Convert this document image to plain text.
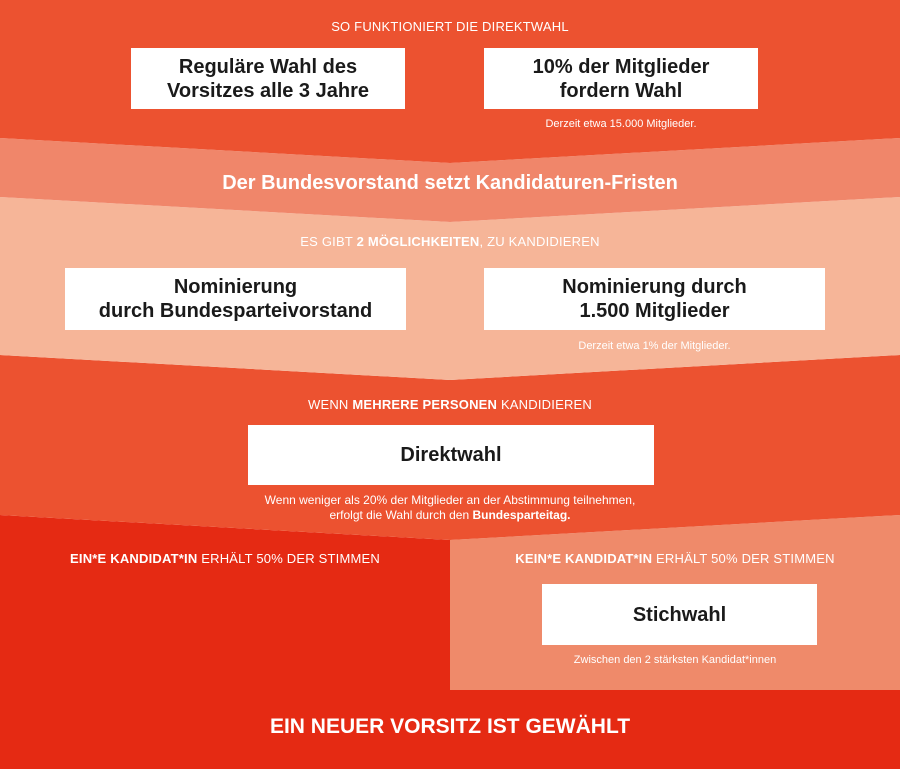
SO FUNKTIONIERT DIE DIREKTWAHL
Reguläre Wahl des
Vorsitzes alle 3 Jahre
10% der Mitglieder
fordern Wahl
Derzeit etwa 15.000 Mitglieder.
Der Bundesvorstand setzt Kandidaturen-Fristen
ES GIBT 2 MÖGLICHKEITEN, ZU KANDIDIEREN
Nominierung
durch Bundesparteivorstand
Nominierung durch
1.500 Mitglieder
Derzeit etwa 1% der Mitglieder.
WENN MEHRERE PERSONEN KANDIDIEREN
Direktwahl
Wenn weniger als 20% der Mitglieder an der Abstimmung teilnehmen,
erfolgt die Wahl durch den Bundesparteitag.
EIN*E KANDIDAT*IN ERHÄLT 50% DER STIMMEN	KEIN*E KANDIDAT*IN ERHÄLT 50% DER STIMMEN
Stichwahl
Zwischen den 2 stärksten Kandidat*innen
EIN NEUER VORSITZ IST GEWÄHLT
